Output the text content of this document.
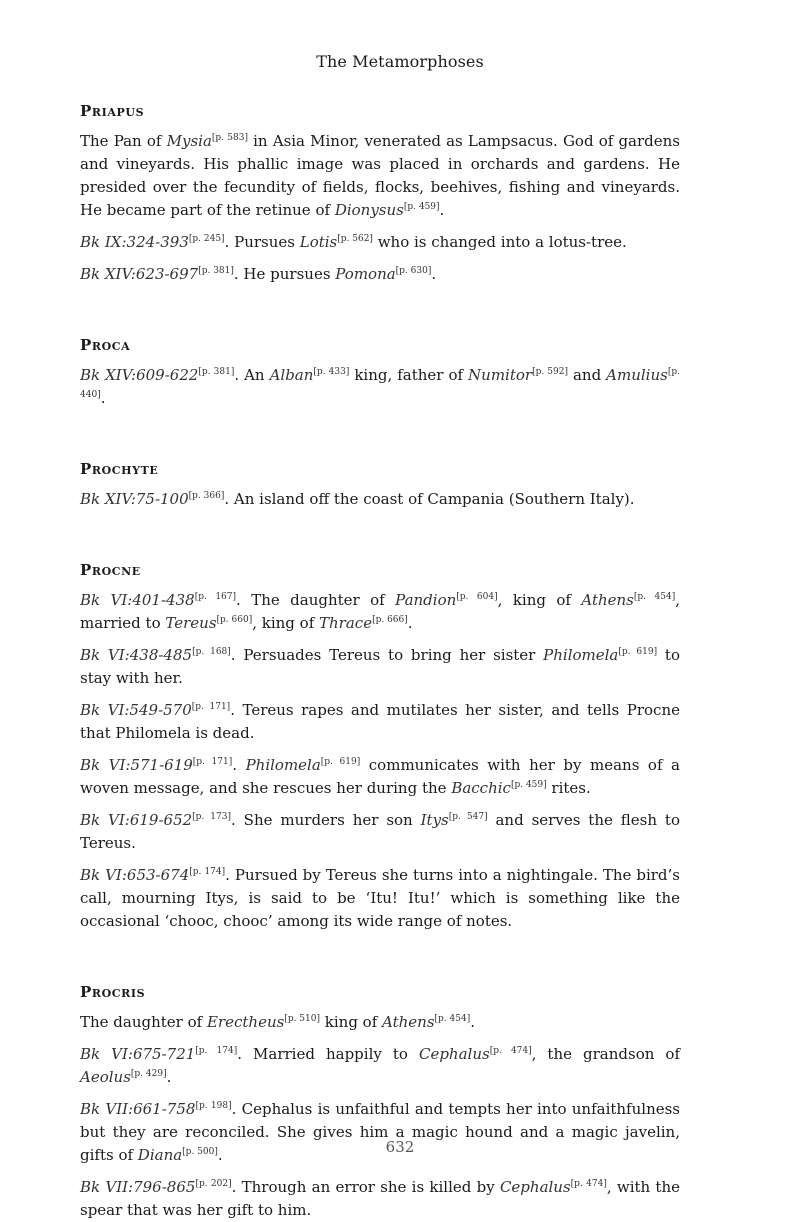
The Metamorphoses
Priapus

The Pan of Mysia[p. 583] in Asia Minor, venerated as Lampsacus. God of gardens and vineyards. His phallic image was placed in orchards and gardens. He presided over the fecundity of fields, flocks, beehives, fishing and vineyards. He became part of the retinue of Dionysus[p. 459].

Bk IX:324-393[p. 245]. Pursues Lotis[p. 562] who is changed into a lotus-tree.

Bk XIV:623-697[p. 381]. He pursues Pomona[p. 630].

Proca

Bk XIV:609-622[p. 381]. An Alban[p. 433] king, father of Numitor[p. 592] and Amulius[p. 440].

Prochyte

Bk XIV:75-100[p. 366]. An island off the coast of Campania (Southern Italy).

Procne

Bk VI:401-438[p. 167]. The daughter of Pandion[p. 604], king of Athens[p. 454], married to Tereus[p. 660], king of Thrace[p. 666].

Bk VI:438-485[p. 168]. Persuades Tereus to bring her sister Philomela[p. 619] to stay with her.

Bk VI:549-570[p. 171]. Tereus rapes and mutilates her sister, and tells Procne that Philomela is dead.

Bk VI:571-619[p. 171]. Philomela[p. 619] communicates with her by means of a woven message, and she rescues her during the Bacchic[p. 459] rites.

Bk VI:619-652[p. 173]. She murders her son Itys[p. 547] and serves the flesh to Tereus.

Bk VI:653-674[p. 174]. Pursued by Tereus she turns into a nightingale. The bird’s call, mourning Itys, is said to be ‘Itu! Itu!’ which is something like the occasional ‘chooc, chooc’ among its wide range of notes.

Procris

The daughter of Erectheus[p. 510] king of Athens[p. 454].

Bk VI:675-721[p. 174]. Married happily to Cephalus[p. 474], the grandson of Aeolus[p. 429].

Bk VII:661-758[p. 198]. Cephalus is unfaithful and tempts her into unfaithfulness but they are reconciled. She gives him a magic hound and a magic javelin, gifts of Diana[p. 500].

Bk VII:796-865[p. 202]. Through an error she is killed by Cephalus[p. 474], with the spear that was her gift to him.

632
